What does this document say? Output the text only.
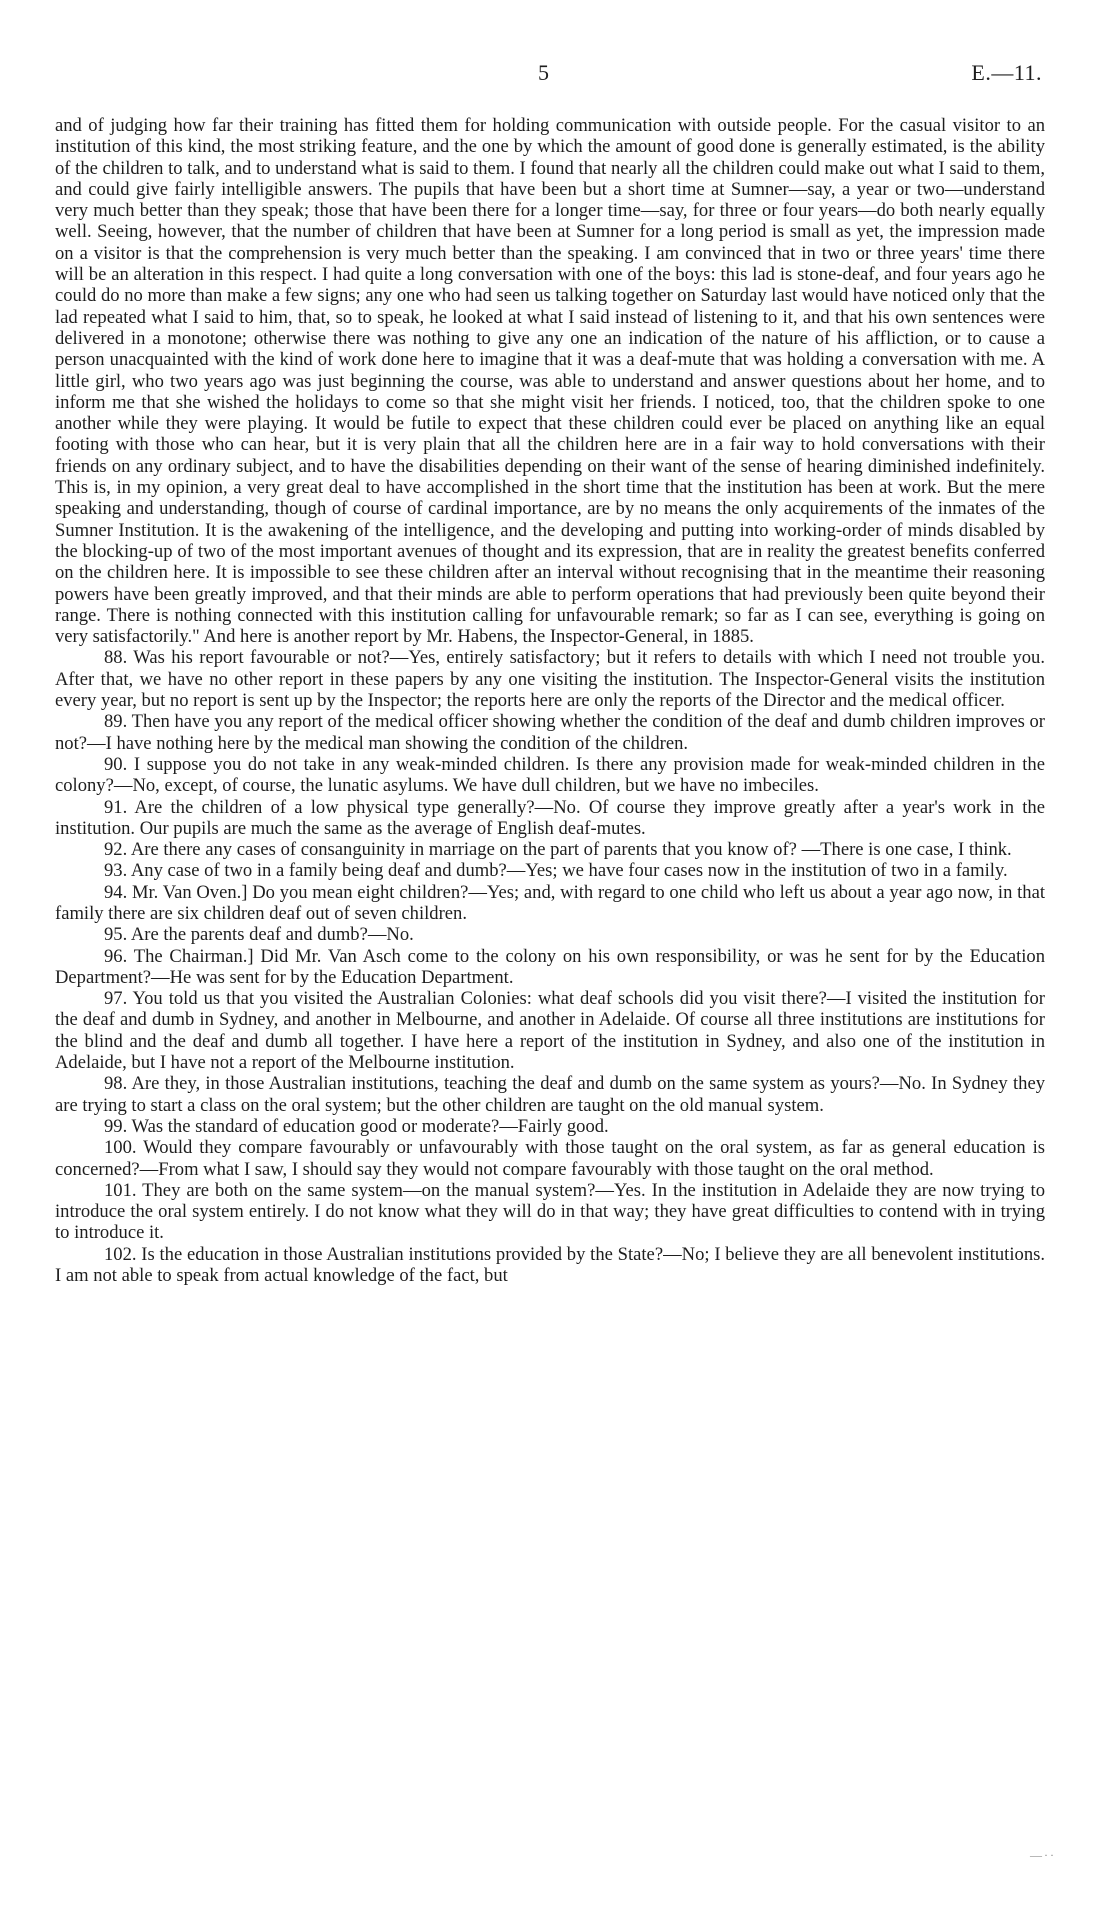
5	E.—11.

and of judging how far their training has fitted them for holding communication with outside people. For the casual visitor to an institution of this kind, the most striking feature, and the one by which the amount of good done is generally estimated, is the ability of the children to talk, and to understand what is said to them. I found that nearly all the children could make out what I said to them, and could give fairly intelligible answers. The pupils that have been but a short time at Sumner—say, a year or two—understand very much better than they speak; those that have been there for a longer time—say, for three or four years—do both nearly equally well. Seeing, however, that the number of children that have been at Sumner for a long period is small as yet, the impression made on a visitor is that the comprehension is very much better than the speaking. I am convinced that in two or three years' time there will be an alteration in this respect. I had quite a long conversation with one of the boys: this lad is stone-deaf, and four years ago he could do no more than make a few signs; any one who had seen us talking together on Saturday last would have noticed only that the lad repeated what I said to him, that, so to speak, he looked at what I said instead of listening to it, and that his own sentences were delivered in a monotone; otherwise there was nothing to give any one an indication of the nature of his affliction, or to cause a person unacquainted with the kind of work done here to imagine that it was a deaf-mute that was holding a conversation with me. A little girl, who two years ago was just beginning the course, was able to understand and answer questions about her home, and to inform me that she wished the holidays to come so that she might visit her friends. I noticed, too, that the children spoke to one another while they were playing. It would be futile to expect that these children could ever be placed on anything like an equal footing with those who can hear, but it is very plain that all the children here are in a fair way to hold conversations with their friends on any ordinary subject, and to have the disabilities depending on their want of the sense of hearing diminished indefinitely. This is, in my opinion, a very great deal to have accomplished in the short time that the institution has been at work. But the mere speaking and understanding, though of course of cardinal importance, are by no means the only acquirements of the inmates of the Sumner Institution. It is the awakening of the intelligence, and the developing and putting into working-order of minds disabled by the blocking-up of two of the most important avenues of thought and its expression, that are in reality the greatest benefits conferred on the children here. It is impossible to see these children after an interval without recognising that in the meantime their reasoning powers have been greatly improved, and that their minds are able to perform operations that had previously been quite beyond their range. There is nothing connected with this institution calling for unfavourable remark; so far as I can see, everything is going on very satisfactorily." And here is another report by Mr. Habens, the Inspector-General, in 1885.

88. Was his report favourable or not?—Yes, entirely satisfactory; but it refers to details with which I need not trouble you. After that, we have no other report in these papers by any one visiting the institution. The Inspector-General visits the institution every year, but no report is sent up by the Inspector; the reports here are only the reports of the Director and the medical officer.

89. Then have you any report of the medical officer showing whether the condition of the deaf and dumb children improves or not?—I have nothing here by the medical man showing the condition of the children.

90. I suppose you do not take in any weak-minded children. Is there any provision made for weak-minded children in the colony?—No, except, of course, the lunatic asylums. We have dull children, but we have no imbeciles.

91. Are the children of a low physical type generally?—No. Of course they improve greatly after a year's work in the institution. Our pupils are much the same as the average of English deaf-mutes.

92. Are there any cases of consanguinity in marriage on the part of parents that you know of? —There is one case, I think.

93. Any case of two in a family being deaf and dumb?—Yes; we have four cases now in the institution of two in a family.

94. Mr. Van Oven.] Do you mean eight children?—Yes; and, with regard to one child who left us about a year ago now, in that family there are six children deaf out of seven children.

95. Are the parents deaf and dumb?—No.

96. The Chairman.] Did Mr. Van Asch come to the colony on his own responsibility, or was he sent for by the Education Department?—He was sent for by the Education Department.

97. You told us that you visited the Australian Colonies: what deaf schools did you visit there?—I visited the institution for the deaf and dumb in Sydney, and another in Melbourne, and another in Adelaide. Of course all three institutions are institutions for the blind and the deaf and dumb all together. I have here a report of the institution in Sydney, and also one of the institution in Adelaide, but I have not a report of the Melbourne institution.

98. Are they, in those Australian institutions, teaching the deaf and dumb on the same system as yours?—No. In Sydney they are trying to start a class on the oral system; but the other children are taught on the old manual system.

99. Was the standard of education good or moderate?—Fairly good.

100. Would they compare favourably or unfavourably with those taught on the oral system, as far as general education is concerned?—From what I saw, I should say they would not compare favourably with those taught on the oral method.

101. They are both on the same system—on the manual system?—Yes. In the institution in Adelaide they are now trying to introduce the oral system entirely. I do not know what they will do in that way; they have great difficulties to contend with in trying to introduce it.

102. Is the education in those Australian institutions provided by the State?—No; I believe they are all benevolent institutions. I am not able to speak from actual knowledge of the fact, but

—··
